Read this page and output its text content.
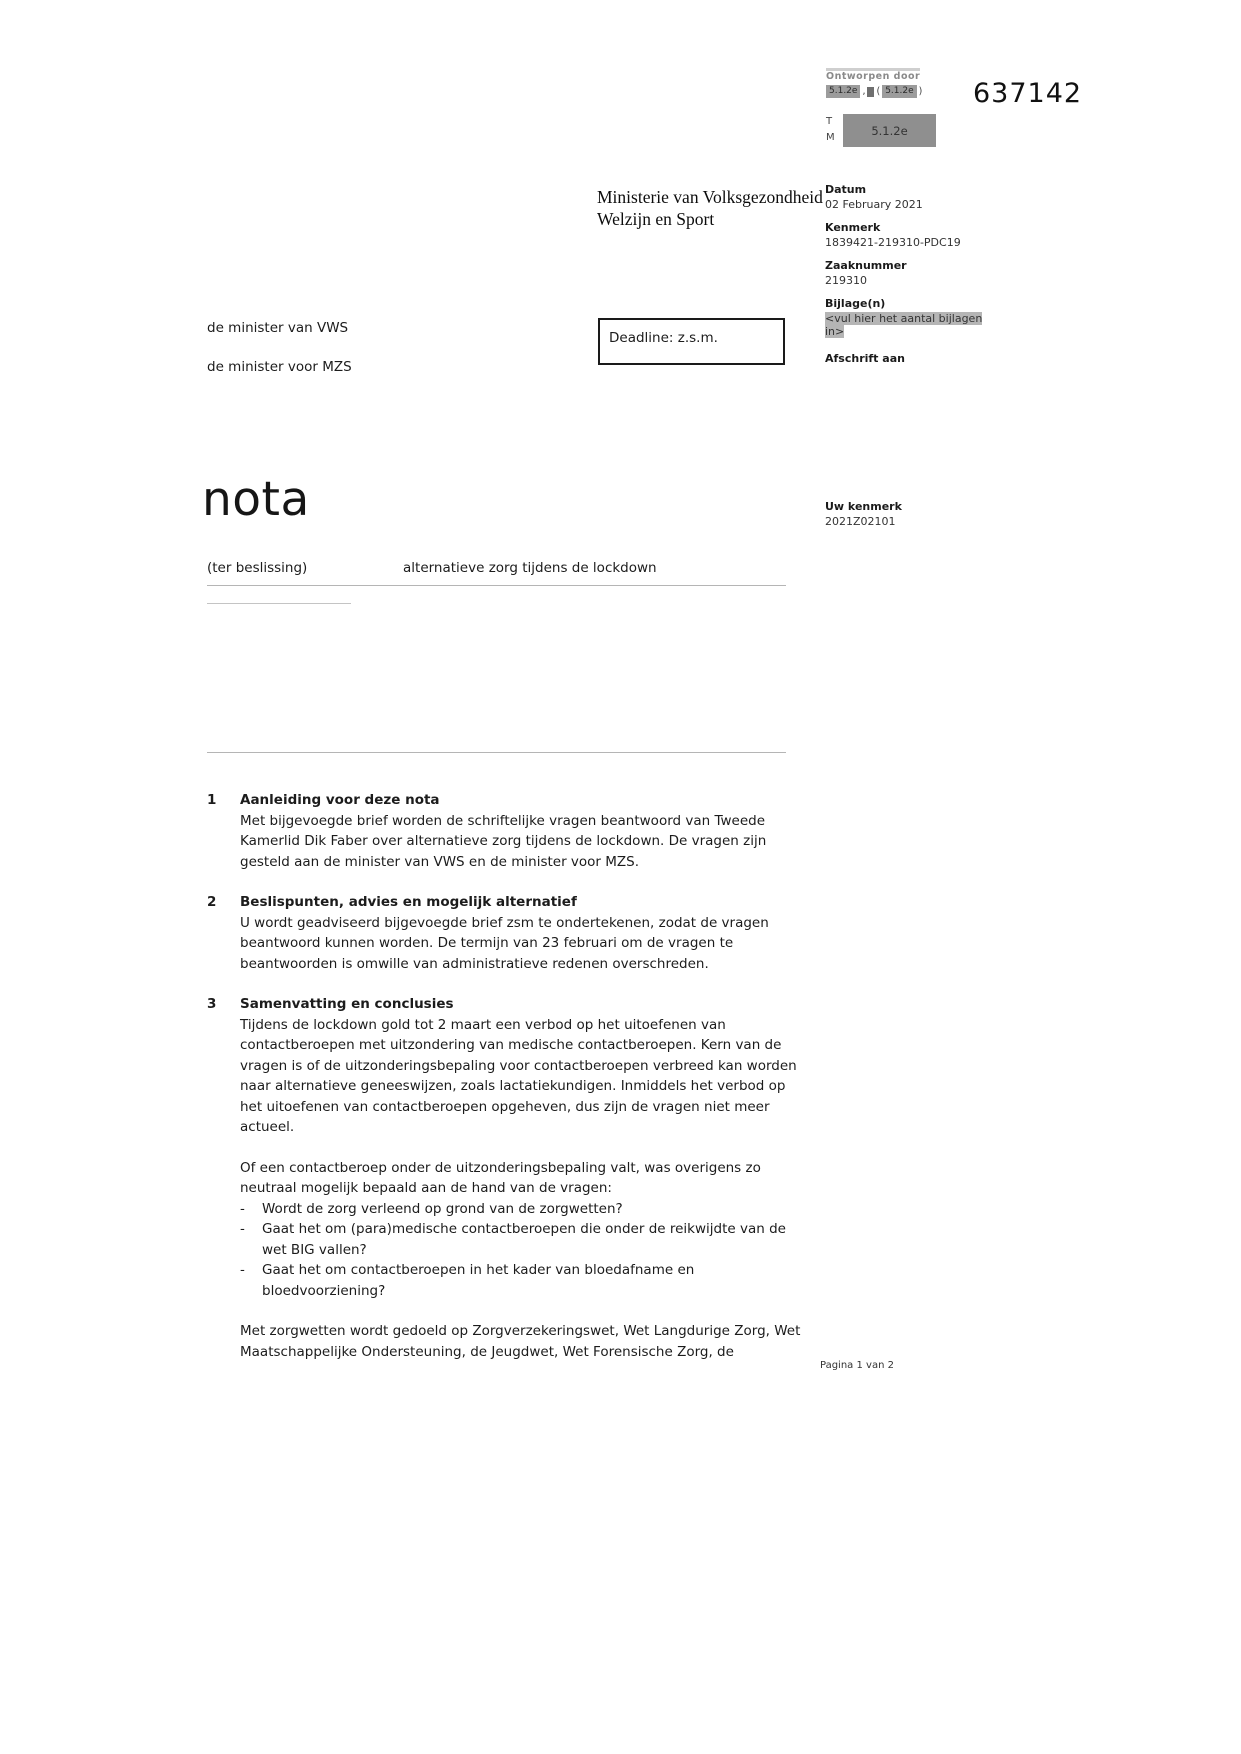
637142
Ontworpen door
5.1.2e , ( 5.1.2e )
T
M	5.1.2e
Ministerie van Volksgezondheid
Welzijn en Sport
Datum
02 February 2021
Kenmerk
1839421-219310-PDC19
Zaaknummer
219310
Bijlage(n)
<vul hier het aantal bijlagen in>
Afschrift aan
de minister van VWS
de minister voor MZS
Deadline: z.s.m.
nota	Uw kenmerk
2021Z02101
(ter beslissing)	alternatieve zorg tijdens de lockdown
1	Aanleiding voor deze nota

Met bijgevoegde brief worden de schriftelijke vragen beantwoord van Tweede Kamerlid Dik Faber over alternatieve zorg tijdens de lockdown. De vragen zijn gesteld aan de minister van VWS en de minister voor MZS.

2	Beslispunten, advies en mogelijk alternatief

U wordt geadviseerd bijgevoegde brief zsm te ondertekenen, zodat de vragen beantwoord kunnen worden. De termijn van 23 februari om de vragen te beantwoorden is omwille van administratieve redenen overschreden.

3	Samenvatting en conclusies

Tijdens de lockdown gold tot 2 maart een verbod op het uitoefenen van contactberoepen met uitzondering van medische contactberoepen. Kern van de vragen is of de uitzonderingsbepaling voor contactberoepen verbreed kan worden naar alternatieve geneeswijzen, zoals lactatiekundigen. Inmiddels het verbod op het uitoefenen van contactberoepen opgeheven, dus zijn de vragen niet meer actueel.

Of een contactberoep onder de uitzonderingsbepaling valt, was overigens zo neutraal mogelijk bepaald aan de hand van de vragen:

-	Wordt de zorg verleend op grond van de zorgwetten?
-	Gaat het om (para)medische contactberoepen die onder de reikwijdte van de wet BIG vallen?
-	Gaat het om contactberoepen in het kader van bloedafname en bloedvoorziening?

Met zorgwetten wordt gedoeld op Zorgverzekeringswet, Wet Langdurige Zorg, Wet Maatschappelijke Ondersteuning, de Jeugdwet, Wet Forensische Zorg, de

Pagina 1 van 2
